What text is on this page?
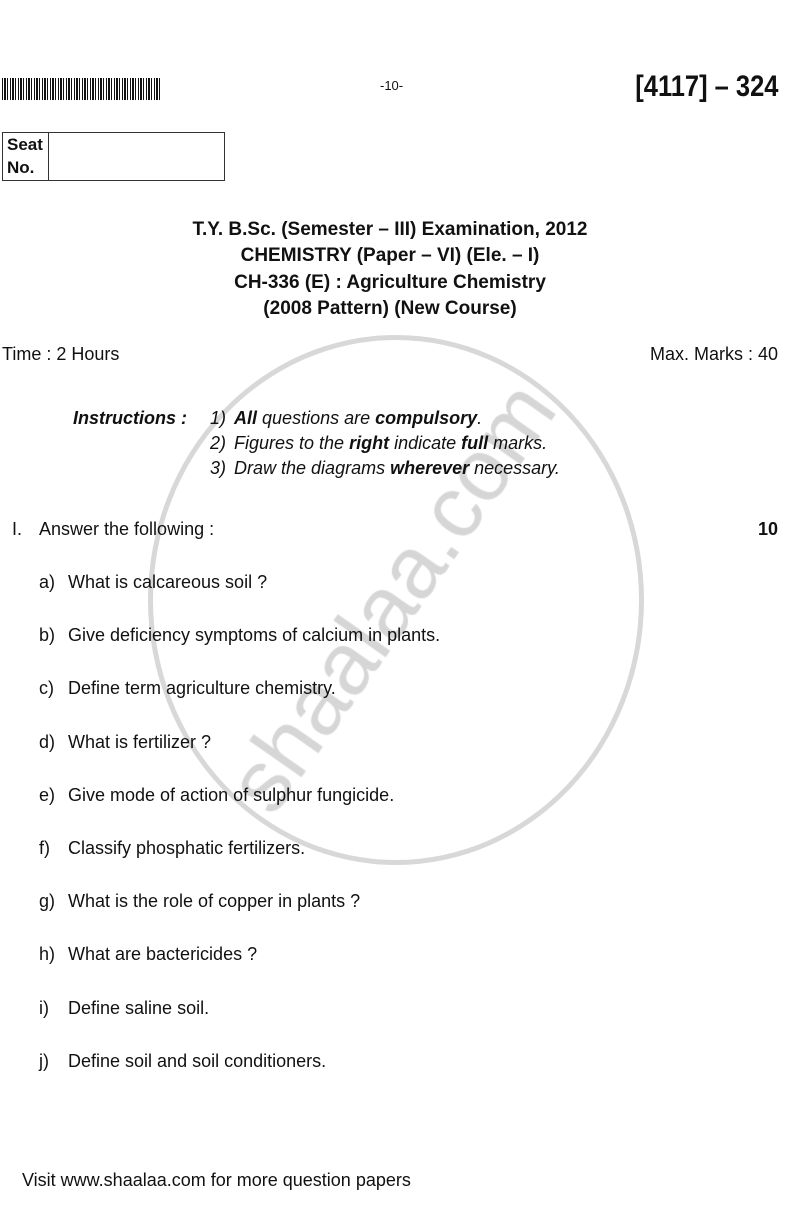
-10-	[4117] – 324
Seat
No.
T.Y. B.Sc. (Semester – III) Examination, 2012
CHEMISTRY (Paper – VI) (Ele. – I)
CH-336 (E) : Agriculture Chemistry
(2008 Pattern) (New Course)
Time : 2 Hours	Max. Marks : 40
Instructions : 1) All questions are compulsory.
2) Figures to the right indicate full marks.
3) Draw the diagrams wherever necessary.
I. Answer the following :	10
a) What is calcareous soil ?
b) Give deficiency symptoms of calcium in plants.
c) Define term agriculture chemistry.
d) What is fertilizer ?
e) Give mode of action of sulphur fungicide.
f) Classify phosphatic fertilizers.
g) What is the role of copper in plants ?
h) What are bactericides ?
i) Define saline soil.
j) Define soil and soil conditioners.
Visit www.shaalaa.com for more question papers
